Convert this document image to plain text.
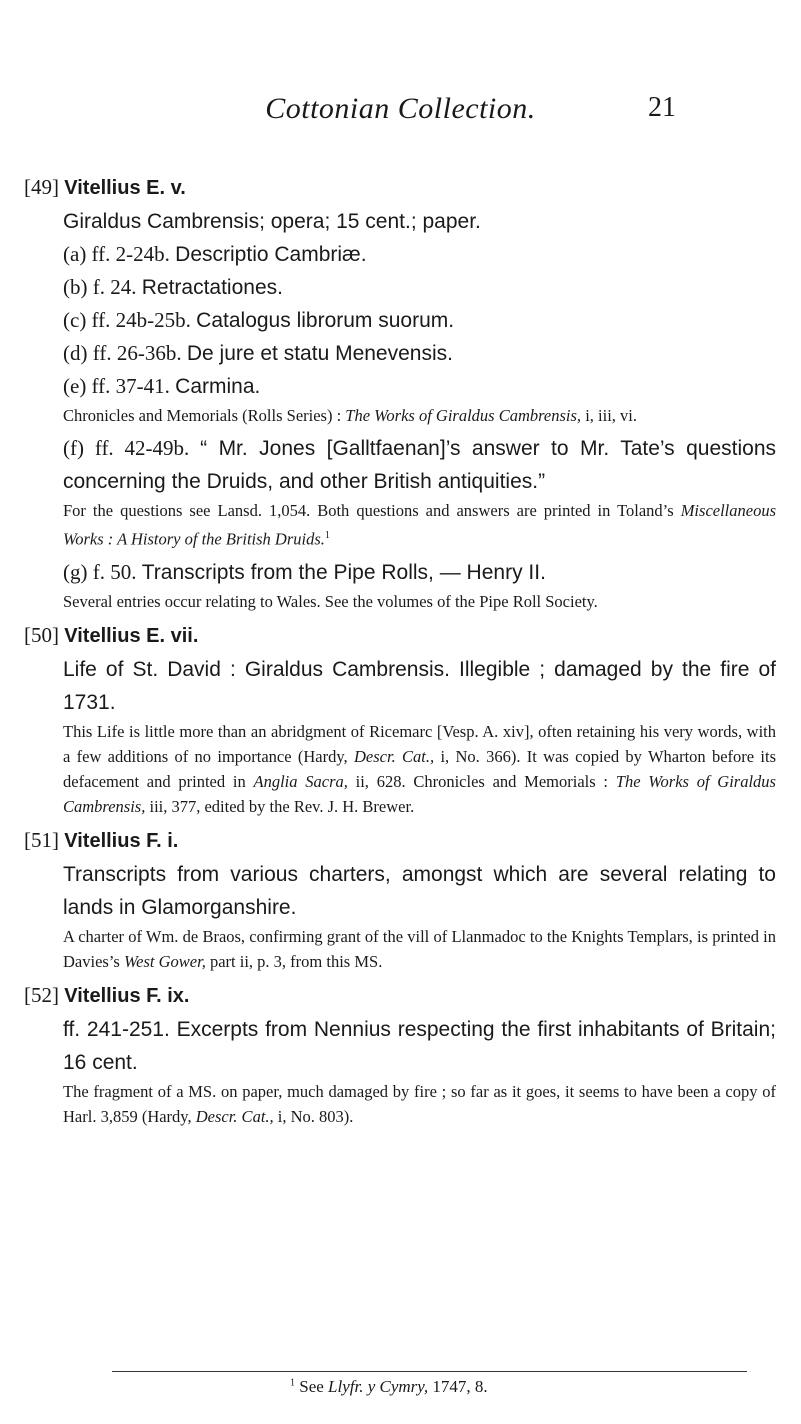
Cottonian Collection.	21
[49] Vitellius E. v.
Giraldus Cambrensis; opera; 15 cent.; paper.
(a) ff. 2-24b. Descriptio Cambriæ.
(b) f. 24. Retractationes.
(c) ff. 24b-25b. Catalogus librorum suorum.
(d) ff. 26-36b. De jure et statu Menevensis.
(e) ff. 37-41. Carmina.
Chronicles and Memorials (Rolls Series) : The Works of Giraldus Cambrensis, i, iii, vi.
(f) ff. 42-49b. “ Mr. Jones [Galltfaenan]’s answer to Mr. Tate’s questions concerning the Druids, and other British antiquities.”
For the questions see Lansd. 1,054. Both questions and answers are printed in Toland’s Miscellaneous Works : A History of the British Druids.$^1$
(g) f. 50. Transcripts from the Pipe Rolls, — Henry II.
Several entries occur relating to Wales. See the volumes of the Pipe Roll Society.
[50] Vitellius E. vii.
Life of St. David : Giraldus Cambrensis. Illegible ; damaged by the fire of 1731.
This Life is little more than an abridgment of Ricemarc [Vesp. A. xiv], often retaining his very words, with a few additions of no importance (Hardy, Descr. Cat., i, No. 366). It was copied by Wharton before its defacement and printed in Anglia Sacra, ii, 628. Chronicles and Memorials : The Works of Giraldus Cambrensis, iii, 377, edited by the Rev. J. H. Brewer.
[51] Vitellius F. i.
Transcripts from various charters, amongst which are several relating to lands in Glamorganshire.
A charter of Wm. de Braos, confirming grant of the vill of Llanmadoc to the Knights Templars, is printed in Davies’s West Gower, part ii, p. 3, from this MS.
[52] Vitellius F. ix.
ff. 241-251. Excerpts from Nennius respecting the first inhabitants of Britain; 16 cent.
The fragment of a MS. on paper, much damaged by fire ; so far as it goes, it seems to have been a copy of Harl. 3,859 (Hardy, Descr. Cat., i, No. 803).
$^1$ See Llyfr. y Cymry, 1747, 8.
